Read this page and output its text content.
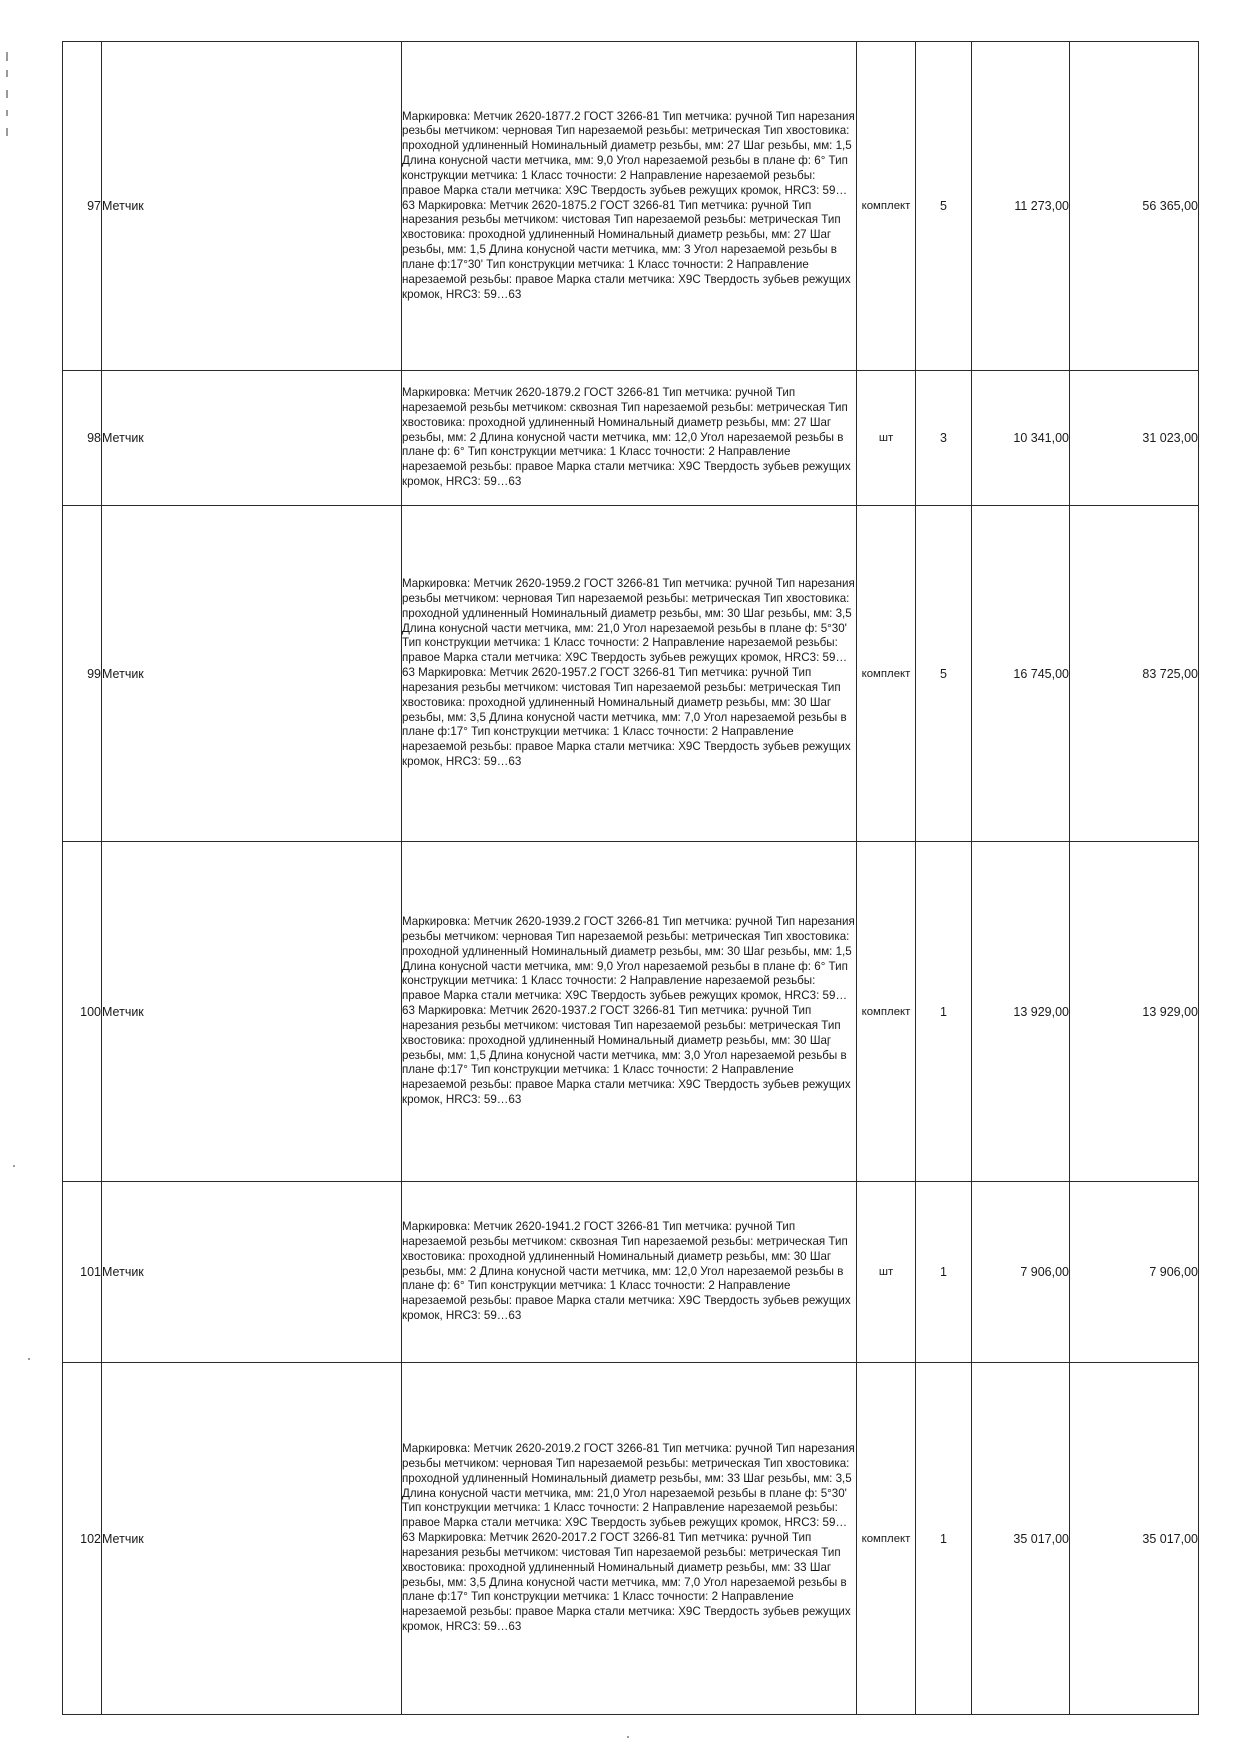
97	Метчик	Маркировка: Метчик 2620-1877.2 ГОСТ 3266-81 Тип метчика: ручной Тип нарезания резьбы метчиком: черновая Тип нарезаемой резьбы: метрическая Тип хвостовика: проходной удлиненный Номинальный диаметр резьбы, мм: 27 Шаг резьбы, мм: 1,5 Длина конусной части метчика, мм: 9,0 Угол нарезаемой резьбы в плане ф: 6° Тип конструкции метчика: 1 Класс точности: 2 Направление нарезаемой резьбы: правое Марка стали метчика: Х9С Твердость зубьев режущих кромок, HRC3: 59…63 Маркировка: Метчик 2620-1875.2 ГОСТ 3266-81 Тип метчика: ручной Тип нарезания резьбы метчиком: чистовая Тип нарезаемой резьбы: метрическая Тип хвостовика: проходной удлиненный Номинальный диаметр резьбы, мм: 27 Шаг резьбы, мм: 1,5 Длина конусной части метчика, мм: 3 Угол нарезаемой резьбы в плане ф:17°30' Тип конструкции метчика: 1 Класс точности: 2 Направление нарезаемой резьбы: правое Марка стали метчика: Х9С Твердость зубьев режущих кромок, HRC3: 59…63	комплект	5	11 273,00	56 365,00
98	Метчик	Маркировка: Метчик 2620-1879.2 ГОСТ 3266-81 Тип метчика: ручной Тип нарезаемой резьбы метчиком: сквозная Тип нарезаемой резьбы: метрическая Тип хвостовика: проходной удлиненный Номинальный диаметр резьбы, мм: 27 Шаг резьбы, мм: 2 Длина конусной части метчика, мм: 12,0 Угол нарезаемой резьбы в плане ф: 6° Тип конструкции метчика: 1 Класс точности: 2 Направление нарезаемой резьбы: правое Марка стали метчика: Х9С Твердость зубьев режущих кромок, HRC3: 59…63	шт	3	10 341,00	31 023,00
99	Метчик	Маркировка: Метчик 2620-1959.2 ГОСТ 3266-81 Тип метчика: ручной Тип нарезания резьбы метчиком: черновая Тип нарезаемой резьбы: метрическая Тип хвостовика: проходной удлиненный Номинальный диаметр резьбы, мм: 30 Шаг резьбы, мм: 3,5 Длина конусной части метчика, мм: 21,0 Угол нарезаемой резьбы в плане ф: 5°30' Тип конструкции метчика: 1 Класс точности: 2 Направление нарезаемой резьбы: правое Марка стали метчика: Х9С Твердость зубьев режущих кромок, HRC3: 59…63 Маркировка: Метчик 2620-1957.2 ГОСТ 3266-81 Тип метчика: ручной Тип нарезания резьбы метчиком: чистовая Тип нарезаемой резьбы: метрическая Тип хвостовика: проходной удлиненный Номинальный диаметр резьбы, мм: 30 Шаг резьбы, мм: 3,5 Длина конусной части метчика, мм: 7,0 Угол нарезаемой резьбы в плане ф:17° Тип конструкции метчика: 1 Класс точности: 2 Направление нарезаемой резьбы: правое Марка стали метчика: Х9С Твердость зубьев режущих кромок, HRC3: 59…63	комплект	5	16 745,00	83 725,00
100	Метчик	Маркировка: Метчик 2620-1939.2 ГОСТ 3266-81 Тип метчика: ручной Тип нарезания резьбы метчиком: черновая Тип нарезаемой резьбы: метрическая Тип хвостовика: проходной удлиненный Номинальный диаметр резьбы, мм: 30 Шаг резьбы, мм: 1,5 Длина конусной части метчика, мм: 9,0 Угол нарезаемой резьбы в плане ф: 6° Тип конструкции метчика: 1 Класс точности: 2 Направление нарезаемой резьбы: правое Марка стали метчика: Х9С Твердость зубьев режущих кромок, HRC3: 59…63 Маркировка: Метчик 2620-1937.2 ГОСТ 3266-81 Тип метчика: ручной Тип нарезания резьбы метчиком: чистовая Тип нарезаемой резьбы: метрическая Тип хвостовика: проходной удлиненный Номинальный диаметр резьбы, мм: 30 Шаг резьбы, мм: 1,5 Длина конусной части метчика, мм: 3,0 Угол нарезаемой резьбы в плане ф:17° Тип конструкции метчика: 1 Класс точности: 2 Направление нарезаемой резьбы: правое Марка стали метчика: Х9С Твердость зубьев режущих кромок, HRC3: 59…63	комплект	1	13 929,00	13 929,00
101	Метчик	Маркировка: Метчик 2620-1941.2 ГОСТ 3266-81 Тип метчика: ручной Тип нарезаемой резьбы метчиком: сквозная Тип нарезаемой резьбы: метрическая Тип хвостовика: проходной удлиненный Номинальный диаметр резьбы, мм: 30 Шаг резьбы, мм: 2 Длина конусной части метчика, мм: 12,0 Угол нарезаемой резьбы в плане ф: 6° Тип конструкции метчика: 1 Класс точности: 2 Направление нарезаемой резьбы: правое Марка стали метчика: Х9С Твердость зубьев режущих кромок, HRC3: 59…63	шт	1	7 906,00	7 906,00
102	Метчик	Маркировка: Метчик 2620-2019.2 ГОСТ 3266-81 Тип метчика: ручной Тип нарезания резьбы метчиком: черновая Тип нарезаемой резьбы: метрическая Тип хвостовика: проходной удлиненный Номинальный диаметр резьбы, мм: 33 Шаг резьбы, мм: 3,5 Длина конусной части метчика, мм: 21,0 Угол нарезаемой резьбы в плане ф: 5°30' Тип конструкции метчика: 1 Класс точности: 2 Направление нарезаемой резьбы: правое Марка стали метчика: Х9С Твердость зубьев режущих кромок, HRC3: 59…63 Маркировка: Метчик 2620-2017.2 ГОСТ 3266-81 Тип метчика: ручной Тип нарезания резьбы метчиком: чистовая Тип нарезаемой резьбы: метрическая Тип хвостовика: проходной удлиненный Номинальный диаметр резьбы, мм: 33 Шаг резьбы, мм: 3,5 Длина конусной части метчика, мм: 7,0 Угол нарезаемой резьбы в плане ф:17° Тип конструкции метчика: 1 Класс точности: 2 Направление нарезаемой резьбы: правое Марка стали метчика: Х9С Твердость зубьев режущих кромок, HRC3: 59…63	комплект	1	35 017,00	35 017,00
